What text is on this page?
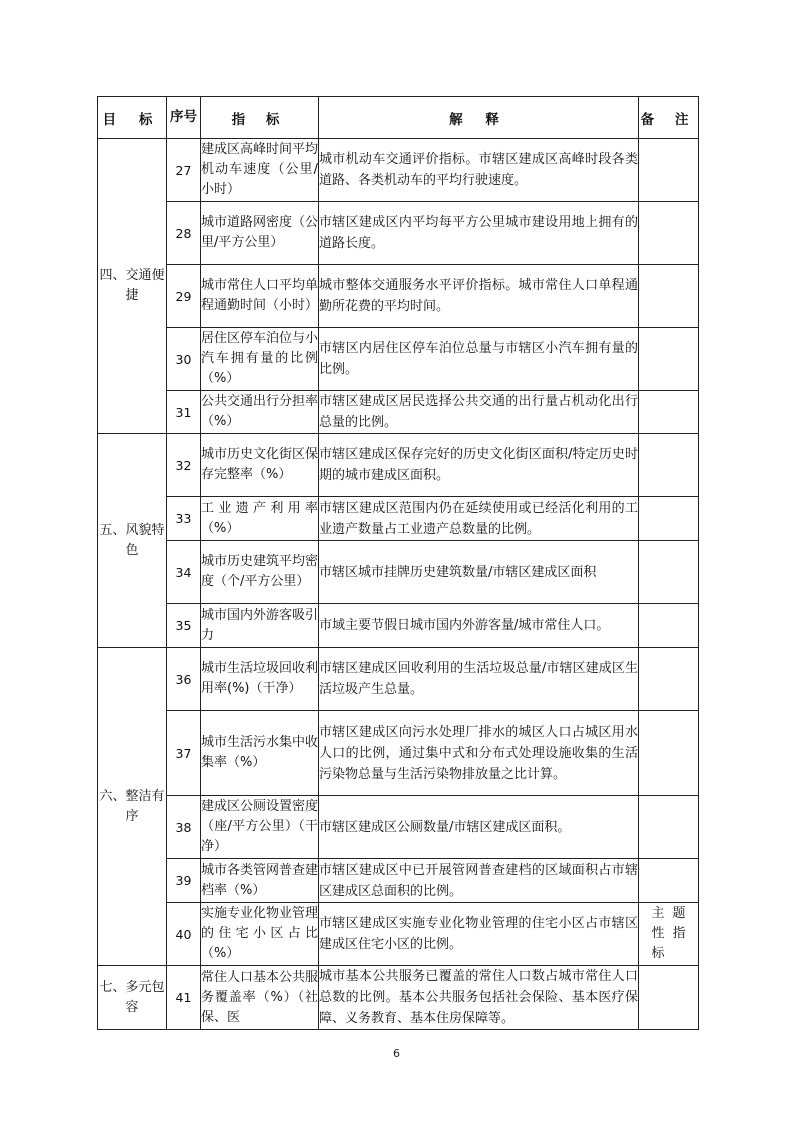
目 标	序号	指 标	解 释	备 注
四、交通便捷	27	建成区高峰时间平均机动车速度（公里/小时）	城市机动车交通评价指标。市辖区建成区高峰时段各类道路、各类机动车的平均行驶速度。	
	28	城市道路网密度（公里/平方公里）	市辖区建成区内平均每平方公里城市建设用地上拥有的道路长度。	
	29	城市常住人口平均单程通勤时间（小时）	城市整体交通服务水平评价指标。城市常住人口单程通勤所花费的平均时间。	
	30	居住区停车泊位与小汽车拥有量的比例（%）	市辖区内居住区停车泊位总量与市辖区小汽车拥有量的比例。	
	31	公共交通出行分担率（%）	市辖区建成区居民选择公共交通的出行量占机动化出行总量的比例。	
五、风貌特色	32	城市历史文化街区保存完整率（%）	市辖区建成区保存完好的历史文化街区面积/特定历史时期的城市建成区面积。	
	33	工业遗产利用率（%）	市辖区建成区范围内仍在延续使用或已经活化利用的工业遗产数量占工业遗产总数量的比例。	
	34	城市历史建筑平均密度（个/平方公里）	市辖区城市挂牌历史建筑数量/市辖区建成区面积	
	35	城市国内外游客吸引力	市域主要节假日城市国内外游客量/城市常住人口。	
六、整洁有序	36	城市生活垃圾回收利用率(%)（干净）	市辖区建成区回收利用的生活垃圾总量/市辖区建成区生活垃圾产生总量。	
	37	城市生活污水集中收集率（%）	市辖区建成区向污水处理厂排水的城区人口占城区用水人口的比例，通过集中式和分布式处理设施收集的生活污染物总量与生活污染物排放量之比计算。	
	38	建成区公厕设置密度（座/平方公里）（干净）	市辖区建成区公厕数量/市辖区建成区面积。	
	39	城市各类管网普查建档率（%）	市辖区建成区中已开展管网普查建档的区域面积占市辖区建成区总面积的比例。	
	40	实施专业化物业管理的住宅小区占比（%）	市辖区建成区实施专业化物业管理的住宅小区占市辖区建成区住宅小区的比例。	主题性指标
七、多元包容	41	常住人口基本公共服务覆盖率（%）（社保、医	城市基本公共服务已覆盖的常住人口数占城市常住人口总数的比例。基本公共服务包括社会保险、基本医疗保障、义务教育、基本住房保障等。	
6
